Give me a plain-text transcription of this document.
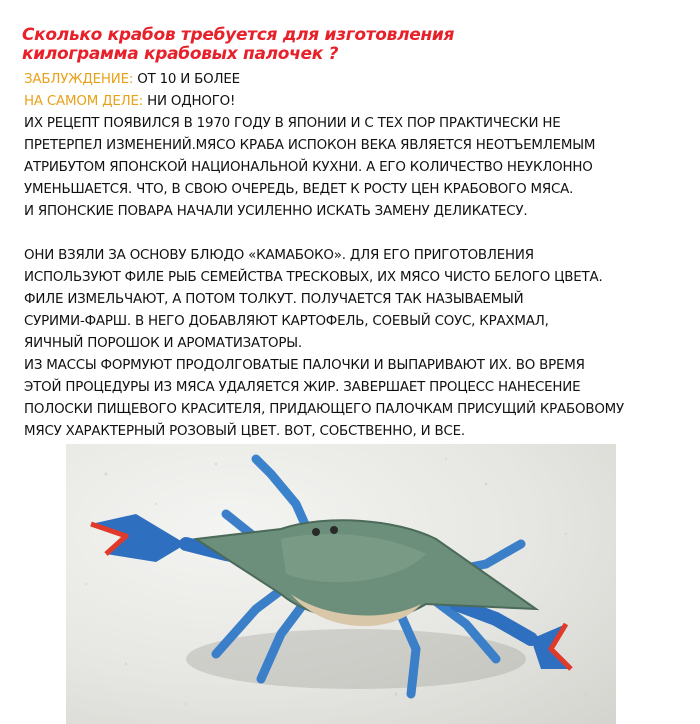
Сколько крабов требуется для изготовления
килограмма крабовых палочек ?
ЗАБЛУЖДЕНИЕ: ОТ 10 И БОЛЕЕ
НА САМОМ ДЕЛЕ: НИ ОДНОГО!
ИХ РЕЦЕПТ ПОЯВИЛСЯ В 1970 ГОДУ В ЯПОНИИ И С ТЕХ ПОР ПРАКТИЧЕСКИ НЕ
ПРЕТЕРПЕЛ ИЗМЕНЕНИЙ.МЯСО КРАБА ИСПОКОН ВЕКА ЯВЛЯЕТСЯ НЕОТЪЕМЛЕМЫМ
АТРИБУТОМ ЯПОНСКОЙ НАЦИОНАЛЬНОЙ КУХНИ. А ЕГО КОЛИЧЕСТВО НЕУКЛОННО
УМЕНЬШАЕТСЯ. ЧТО, В СВОЮ ОЧЕРЕДЬ, ВЕДЕТ К РОСТУ ЦЕН КРАБОВОГО МЯСА.
И ЯПОНСКИЕ ПОВАРА НАЧАЛИ УСИЛЕННО ИСКАТЬ ЗАМЕНУ ДЕЛИКАТЕСУ.
ОНИ ВЗЯЛИ ЗА ОСНОВУ БЛЮДО «КАМАБОКО». ДЛЯ ЕГО ПРИГОТОВЛЕНИЯ
ИСПОЛЬЗУЮТ ФИЛЕ РЫБ СЕМЕЙСТВА ТРЕСКОВЫХ, ИХ МЯСО ЧИСТО БЕЛОГО ЦВЕТА.
ФИЛЕ ИЗМЕЛЬЧАЮТ, А ПОТОМ ТОЛКУТ. ПОЛУЧАЕТСЯ ТАК НАЗЫВАЕМЫЙ
СУРИМИ-ФАРШ. В НЕГО ДОБАВЛЯЮТ КАРТОФЕЛЬ, СОЕВЫЙ СОУС, КРАХМАЛ,
ЯИЧНЫЙ ПОРОШОК И АРОМАТИЗАТОРЫ.
ИЗ МАССЫ ФОРМУЮТ ПРОДОЛГОВАТЫЕ ПАЛОЧКИ И ВЫПАРИВАЮТ ИХ. ВО ВРЕМЯ
ЭТОЙ ПРОЦЕДУРЫ ИЗ МЯСА УДАЛЯЕТСЯ ЖИР. ЗАВЕРШАЕТ ПРОЦЕСС НАНЕСЕНИЕ
ПОЛОСКИ ПИЩЕВОГО КРАСИТЕЛЯ, ПРИДАЮЩЕГО ПАЛОЧКАМ ПРИСУЩИЙ КРАБОВОМУ
МЯСУ ХАРАКТЕРНЫЙ РОЗОВЫЙ ЦВЕТ. ВОТ, СОБСТВЕННО, И ВСЕ.
